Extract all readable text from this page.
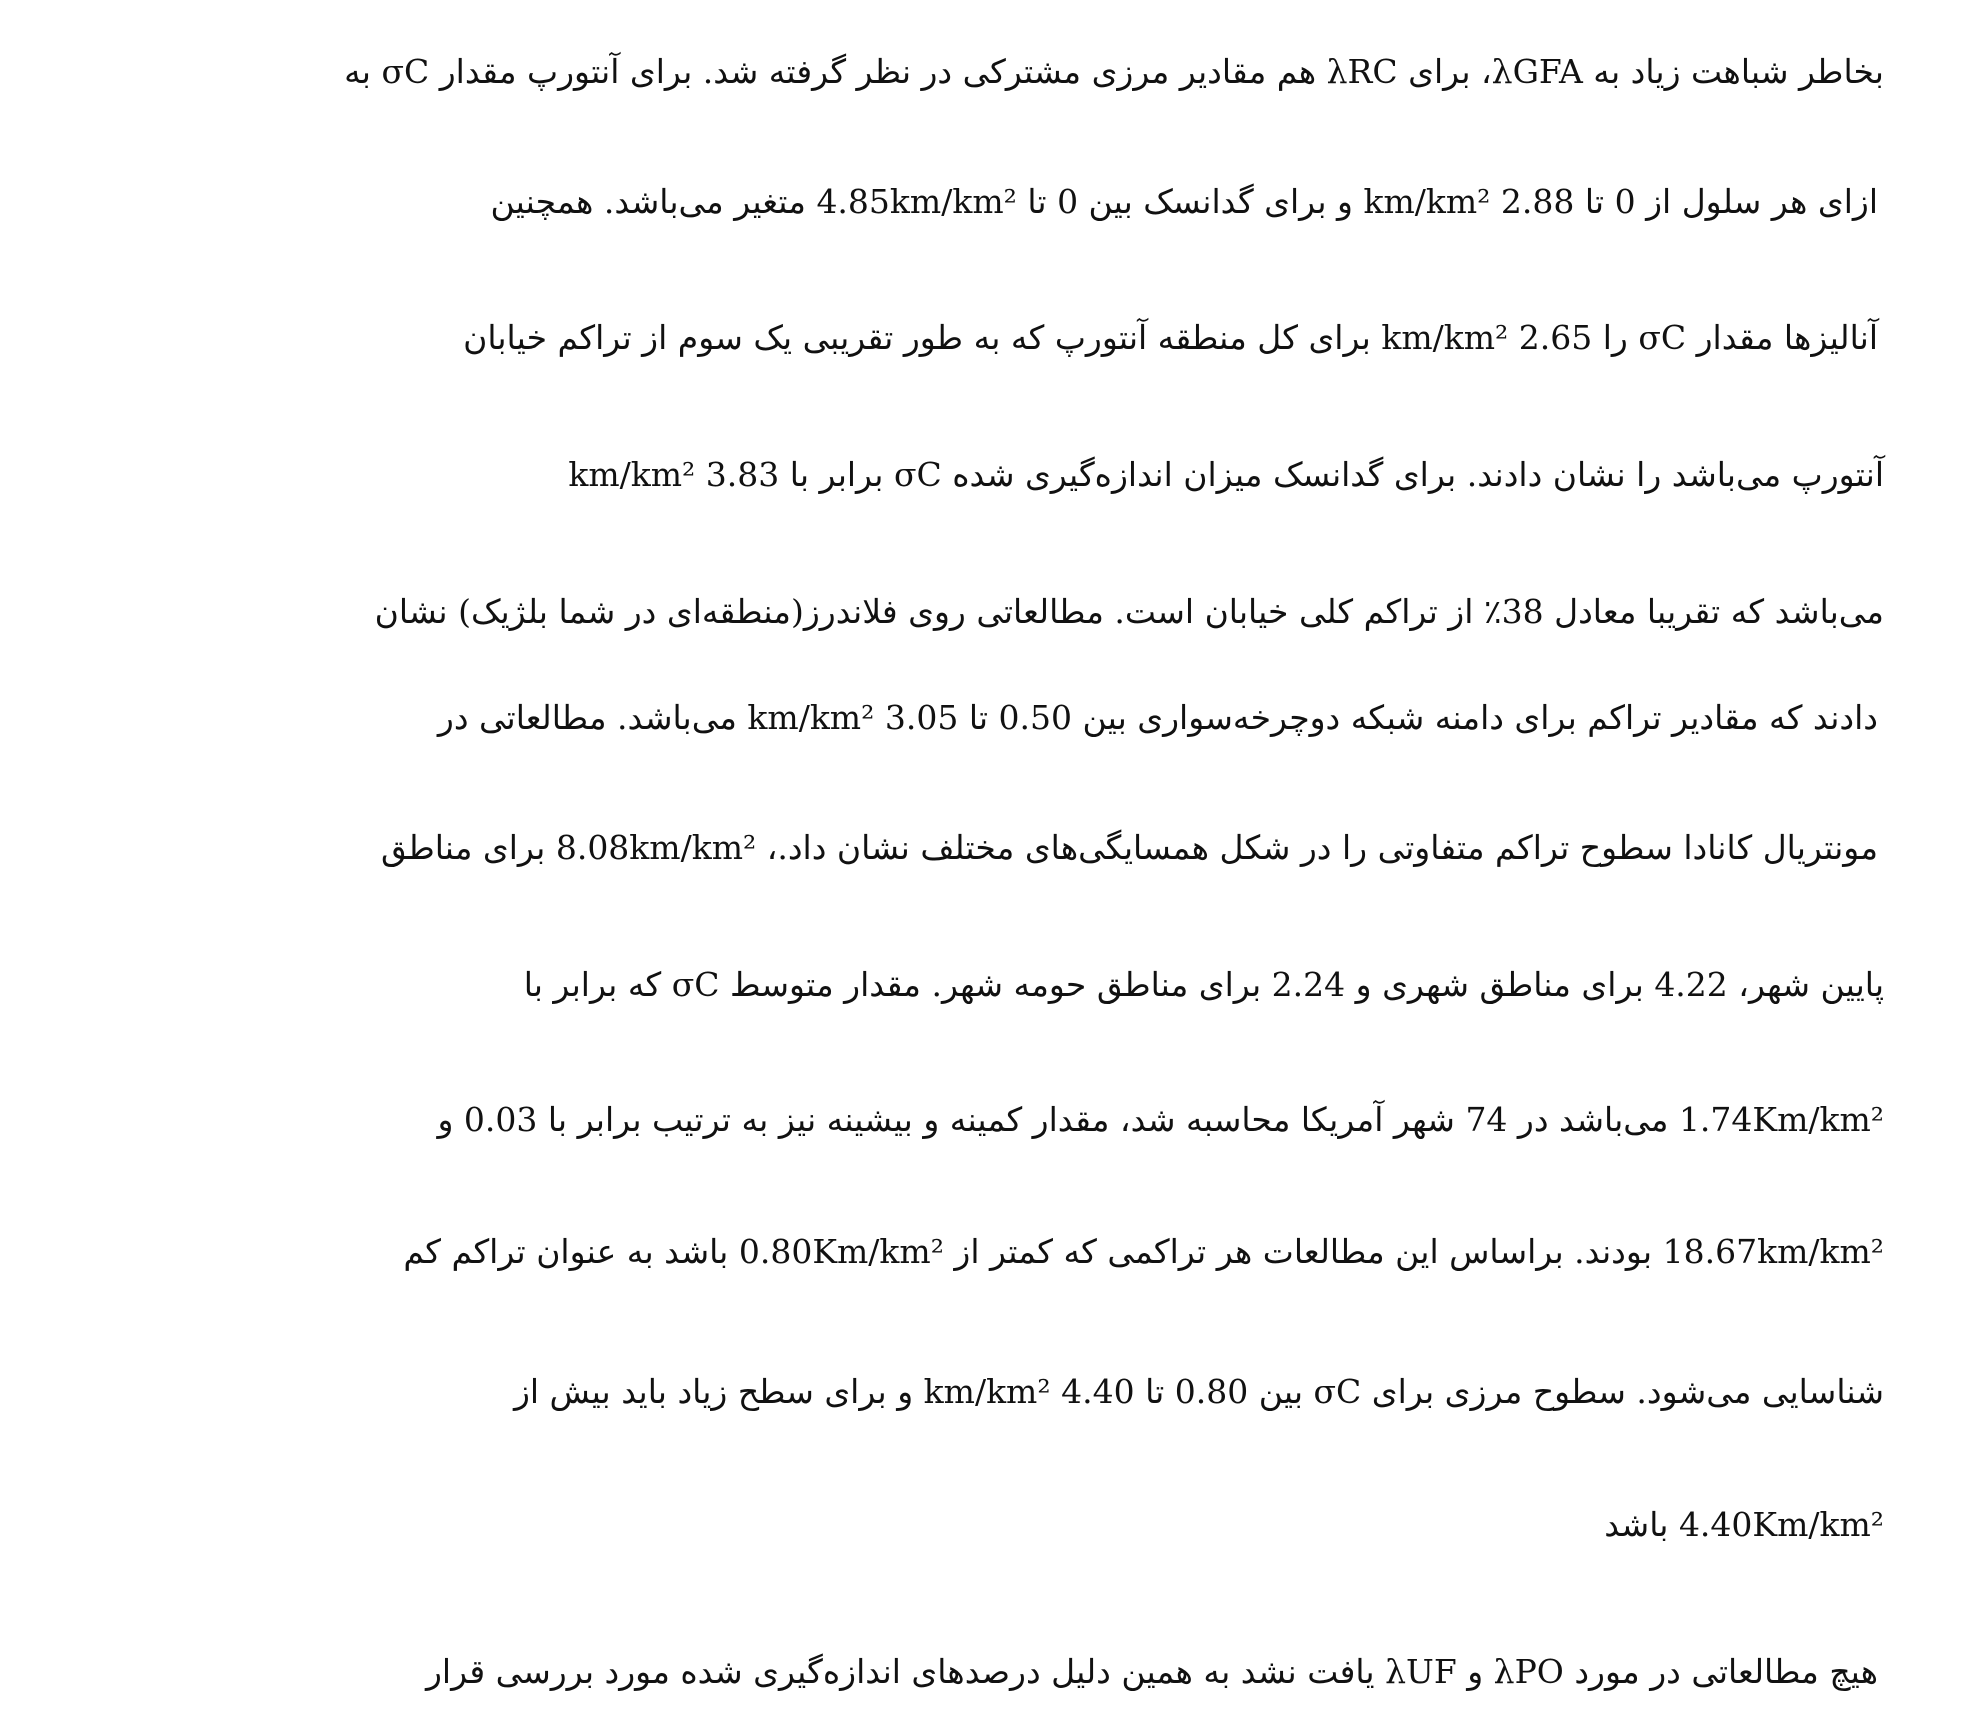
بخاطر شباهت زیاد به λGFA، برای λRC هم مقادیر مرزی مشترکی در نظر گرفته شد. برای آنتورپ مقدار σC به
ازای هر سلول از 0 تا 2.88 km/km² و برای گدانسک بین 0 تا 4.85km/km² متغیر می‌باشد. همچنین
آنالیزها مقدار σC را 2.65 km/km² برای کل منطقه آنتورپ که به طور تقریبی یک سوم از تراکم خیابان
آنتورپ می‌باشد را نشان دادند. برای گدانسک میزان اندازه‌گیری شده σC برابر با 3.83 km/km²
می‌باشد که تقریبا معادل 38٪ از تراکم کلی خیابان است. مطالعاتی روی فلاندرز(منطقه‌ای در شما بلژیک) نشان
دادند که مقادیر تراکم برای دامنه شبکه دوچرخه‌سواری بین 0.50 تا 3.05 km/km² می‌باشد. مطالعاتی در
مونتریال کانادا سطوح تراکم متفاوتی را در شکل همسایگی‌های مختلف نشان داد.، 8.08km/km² برای مناطق
پایین شهر، 4.22 برای مناطق شهری و 2.24 برای مناطق حومه شهر. مقدار متوسط σC که برابر با
1.74Km/km² می‌باشد در 74 شهر آمریکا محاسبه شد، مقدار کمینه و بیشینه نیز به ترتیب برابر با 0.03 و
18.67km/km² بودند. براساس این مطالعات هر تراکمی که کمتر از 0.80Km/km² باشد به عنوان تراکم کم
شناسایی می‌شود. سطوح مرزی برای σC بین 0.80 تا 4.40 km/km² و برای سطح زیاد باید بیش از
4.40Km/km² باشد
هیچ مطالعاتی در مورد λPO و λUF یافت نشد به همین دلیل درصدهای اندازه‌گیری شده مورد بررسی قرار
